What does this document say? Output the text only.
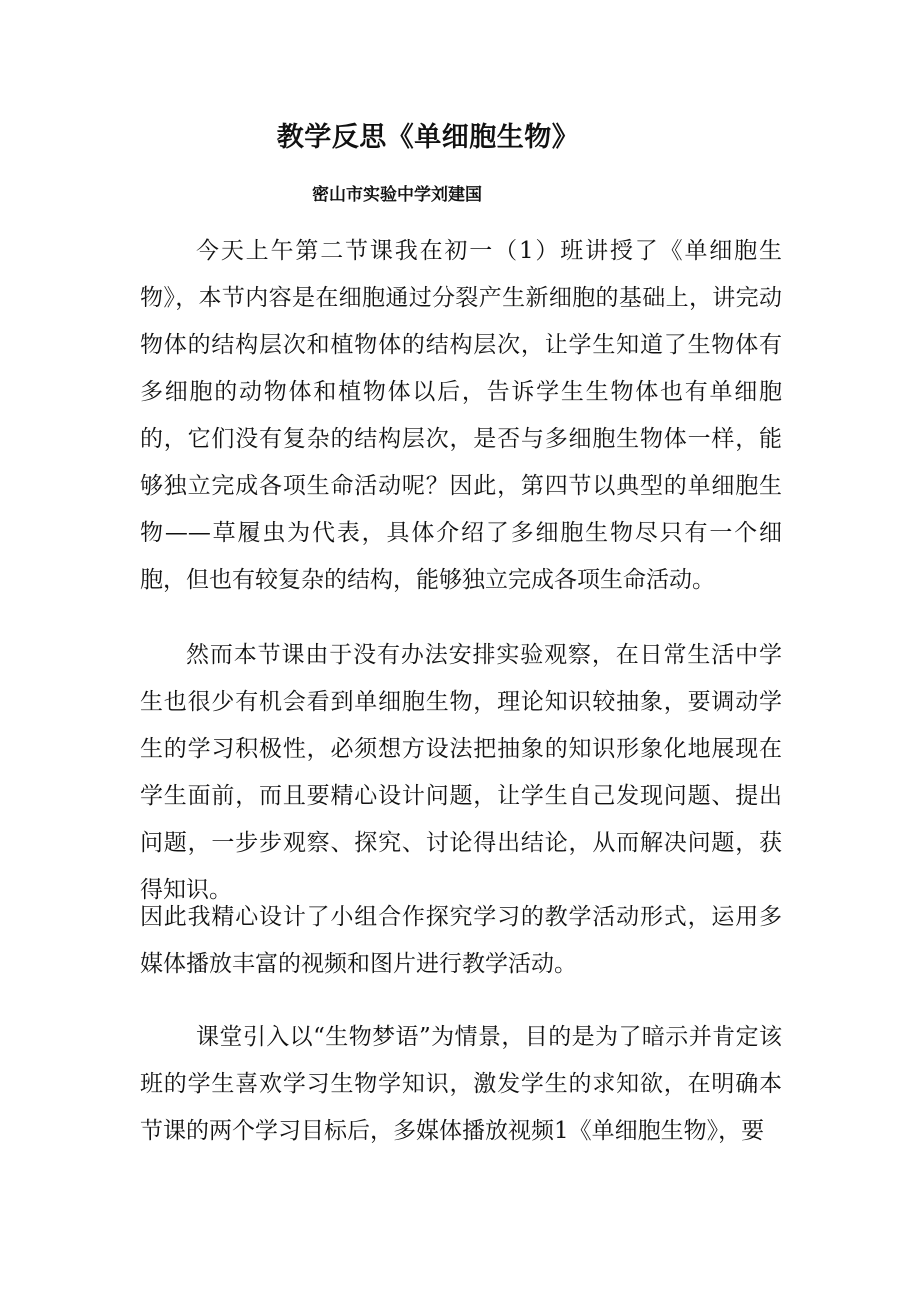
教学反思《单细胞生物》

密山市实验中学刘建国

今天上午第二节课我在初一（1）班讲授了《单细胞生物》，本节内容是在细胞通过分裂产生新细胞的基础上，讲完动物体的结构层次和植物体的结构层次，让学生知道了生物体有多细胞的动物体和植物体以后，告诉学生生物体也有单细胞的，它们没有复杂的结构层次，是否与多细胞生物体一样，能够独立完成各项生命活动呢？因此，第四节以典型的单细胞生物——草履虫为代表，具体介绍了多细胞生物尽只有一个细胞，但也有较复杂的结构，能够独立完成各项生命活动。

然而本节课由于没有办法安排实验观察，在日常生活中学生也很少有机会看到单细胞生物，理论知识较抽象，要调动学生的学习积极性，必须想方设法把抽象的知识形象化地展现在学生面前，而且要精心设计问题，让学生自己发现问题、提出问题，一步步观察、探究、讨论得出结论，从而解决问题，获得知识。

因此我精心设计了小组合作探究学习的教学活动形式，运用多媒体播放丰富的视频和图片进行教学活动。

课堂引入以“生物梦语”为情景，目的是为了暗示并肯定该班的学生喜欢学习生物学知识，激发学生的求知欲，在明确本节课的两个学习目标后，多媒体播放视频1《单细胞生物》，要
